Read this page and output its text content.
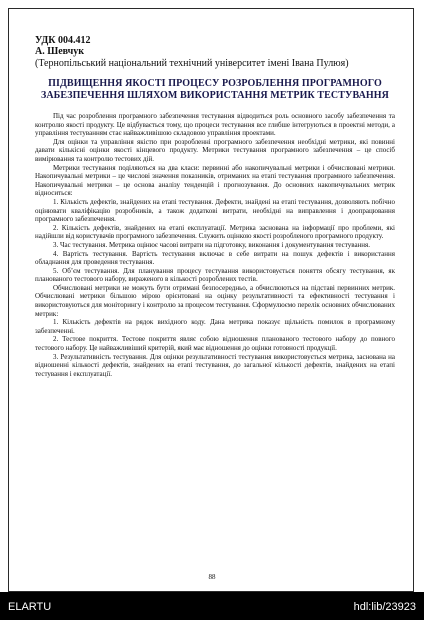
УДК 004.412
А. Шевчук
(Тернопільський національний технічний університет імені Івана Пулюя)
ПІДВИЩЕННЯ ЯКОСТІ ПРОЦЕСУ РОЗРОБЛЕННЯ ПРОГРАМНОГО
ЗАБЕЗПЕЧЕННЯ ШЛЯХОМ ВИКОРИСТАННЯ МЕТРИК ТЕСТУВАННЯ

Під час розроблення програмного забезпечення тестування відводиться роль основного засобу забезпечення та контролю якості продукту. Це відбувається тому, що процеси тестування все глибше інтегруються в проектні методи, а управління тестуванням стає найважливішою складовою управління проектами.

Для оцінки та управління якістю при розробленні програмного забезпечення необхідні метрики, які повинні давати кількісні оцінки якості кінцевого продукту. Метрики тестування програмного забезпечення – це спосіб вимірювання та контролю тестових дій.

Метрики тестування поділяються на два класи: первинні або накопичувальні метрики і обчислювані метрики. Накопичувальні метрики – це числові значення показників, отриманих на етапі тестування програмного забезпечення. Накопичувальні метрики – це основа аналізу тенденцій і прогнозування. До основних накопичувальних метрик відноситься:

1. Кількість дефектів, знайдених на етапі тестування. Дефекти, знайдені на етапі тестування, дозволяють побічно оцінювати кваліфікацію розробників, а також додаткові витрати, необхідні на виправлення і доопрацювання програмного забезпечення.

2. Кількість дефектів, знайдених на етапі експлуатації. Метрика заснована на інформації про проблеми, які надійшли від користувачів програмного забезпечення. Служить оцінкою якості розробленого програмного продукту.

3. Час тестування. Метрика оцінює часові витрати на підготовку, виконання і документування тестування.

4. Вартість тестування. Вартість тестування включає в себе витрати на пошук дефектів і використання обладнання для проведення тестування.

5. Об’єм тестування. Для планування процесу тестування використовується поняття обсягу тестування, як планованого тестового набору, вираженого в кількості розроблених тестів.

Обчислювані метрики не можуть бути отримані безпосередньо, а обчислюються на підставі первинних метрик. Обчислювані метрики більшою мірою орієнтовані на оцінку результативності та ефективності тестування і використовуються для моніторингу і контролю за процесом тестування. Сформулюємо перелік основних обчислюваних метрик:

1. Кількість дефектів на рядок вихідного коду. Дана метрика показує щільність помилок в програмному забезпеченні.

2. Тестове покриття. Тестове покриття являє собою відношення планованого тестового набору до повного тестового набору. Це найважливіший критерій, який має відношення до оцінки готовності продукції.

3. Результативність тестування. Для оцінки результативності тестування використовується метрика, заснована на відношенні кількості дефектів, знайдених на етапі тестування, до загальної кількості дефектів, знайдених на етапі тестування і експлуатації.

88
ELARTU	hdl:lib/23923
